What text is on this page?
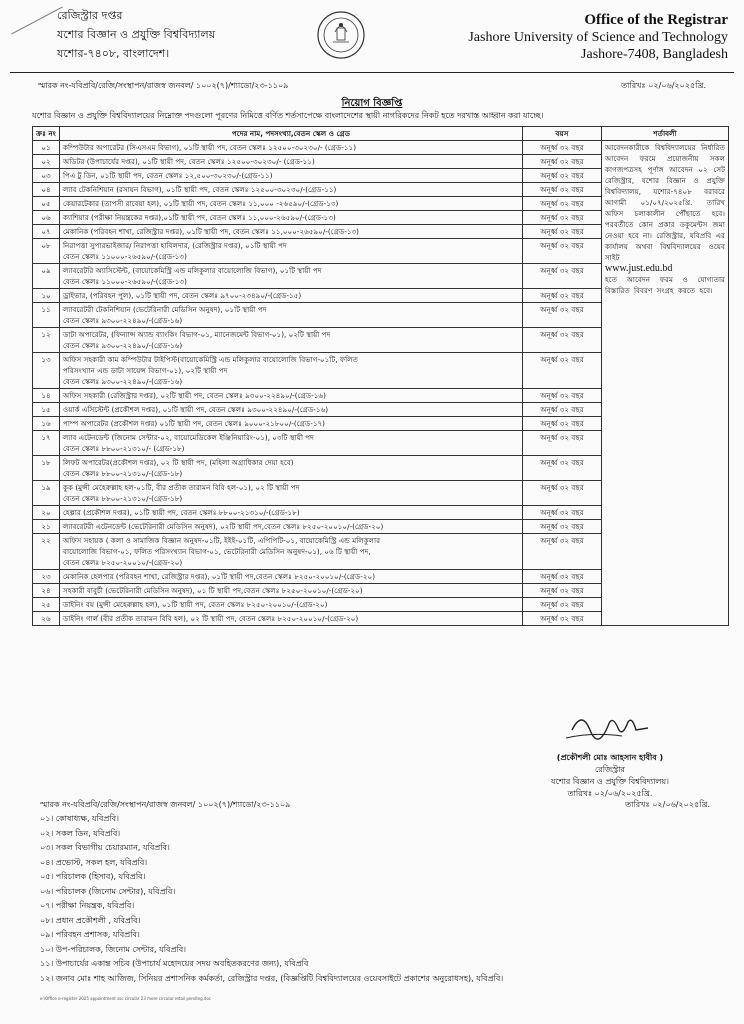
রেজিস্ট্রার দপ্তর
যশোর বিজ্ঞান ও প্রযুক্তি বিশ্ববিদ্যালয়
যশোর-৭৪০৮, বাংলাদেশ।
Office of the Registrar
Jashore University of Science and Technology
Jashore-7408, Bangladesh
স্মারক নং-যবিপ্রবি/রেজি/সংস্থাপন/রাজস্ব জনবল/ ১০০২(৭)/শ্যাডো/২৩-১১০৯	তারিখঃ ০২/০৬/২০২৫খ্রি.
নিয়োগ বিজ্ঞপ্তি
যশোর বিজ্ঞান ও প্রযুক্তি বিশ্ববিদ্যালয়ের নিম্নোক্ত পদগুলো পূরণের নিমিত্তে বর্ণিত শর্তসাপেক্ষে বাংলাদেশের স্থায়ী নাগরিকদের নিকট হতে দরখাস্ত আহ্বান করা যাচ্ছে।
ক্রঃ নং	পদের নাম, পদসংখ্যা,বেতন স্কেল ও গ্রেড	বয়স	শর্তাবলী
০১	কম্পিউটার অপারেটর (সিএসএম বিভাগ), ০১টি স্থায়ী পদ, বেতন স্কেলঃ ১২৫০০-৩০২৩০/- (গ্রেড-১১)	অনূর্ধ্ব ৩২ বছর	আবেদনকারীকে বিশ্ববিদ্যালয়ের নির্ধারিত আবেদন ফরমে প্রয়োজনীয় সকল কাগজপত্রসহ পূর্ণাঙ্গ আবেদন ০২ সেট রেজিস্ট্রার, যশোর বিজ্ঞান ও প্রযুক্তি বিশ্ববিদ্যালয়, যশোর-৭৪০৮ বরাবরে আগামী ০১/০৭/২০২৫খ্রি. তারিখ অফিস চলাকালীন পৌঁছাতে হবে। পরবর্তীতে কোন প্রকার ডকুমেন্টস জমা নেওয়া হবে না। রেজিস্ট্রার, যবিপ্রবি এর কার্যালয় অথবা বিশ্ববিদ্যালয়ের ওয়েব সাইট
www.just.edu.bd
হতে আবেদন ফরম ও যোগ্যতার বিস্তারিত বিবরণ সংগ্রহ করতে হবে।
০২	অডিটর (উপাচার্যের দপ্তর), ০১টি স্থায়ী পদ, বেতন স্কেলঃ ১২৫০০-৩০২৩০/- (গ্রেড-১১)	অনূর্ধ্ব ৩২ বছর	
০৩	পিএ টু ডিন, ০১টি স্থায়ী পদ, বেতন স্কেলঃ ১২,৫০০-৩০২৩০/-(গ্রেড-১১)	অনূর্ধ্ব ৩২ বছর	
০৪	ল্যাব টেকনিশিয়ান (রসায়ন বিভাগ), ০১টি স্থায়ী পদ, বেতন স্কেলঃ ১২৫০০-৩০২৩০/-(গ্রেড-১১)	অনূর্ধ্ব ৩২ বছর	
০৫	কেয়ারটেকার (তাপসী রাবেয়া হল), ০১টি স্থায়ী পদ, বেতন স্কেলঃ ১১,০০০ -২৬৫৯০/-(গ্রেড-১৩)	অনূর্ধ্ব ৩২ বছর	
০৬	ক্যাশিয়ার (পরীক্ষা নিয়ন্ত্রকের দপ্তর),০১টি স্থায়ী পদ, বেতন স্কেলঃ ১১,০০০-২৬৫৯০/-(গ্রেড-১৩)	অনূর্ধ্ব ৩২ বছর	
০৭	মেকানিক (পরিবহন শাখা, রেজিস্ট্রার দপ্তর), ০১টি স্থায়ী পদ, বেতন স্কেলঃ ১১,০০০-২৬৫৯০/-(গ্রেড-১৩)	অনূর্ধ্ব ৩২ বছর	
০৮	নিরাপত্তা সুপারভাইজার/ নিরাপত্তা হাবিলদার, (রেজিস্ট্রার দপ্তর), ০১টি স্থায়ী পদ
বেতন স্কেলঃ ১১০০০-২৬৫৯০/-(গ্রেড-১৩)	অনূর্ধ্ব ৩২ বছর	
০৯	ল্যাবরেটরি অ্যাসিস্টেন্ট, (বায়োকেমিস্ট্রি এন্ড মলিকুলার বায়োলোজি বিভাগ), ০১টি স্থায়ী পদ
বেতন স্কেলঃ ১১০০০-২৬৫৯০/-(গ্রেড-১৩)	অনূর্ধ্ব ৩২ বছর	
১০	ড্রাইভার, (পরিবহন পুল), ০১টি স্থায়ী পদ, বেতন স্কেলঃ ৯৭০০-২৩৪৯০/-(গ্রেড-১৫)	অনূর্ধ্ব ৩২ বছর	
১১	ল্যাবরেটরী টেকনিশিয়ান (ভেটেরিনারী মেডিসিন অনুষদ), ০১টি স্থায়ী পদ
বেতন স্কেলঃ ৯৩০০-২২৪৯০/-(গ্রেড-১৬)	অনূর্ধ্ব ৩২ বছর	
১২	ডাটা অপারেটর, (ফিন্যান্স অ্যান্ড ব্যাংকিং বিভাগ-০১, ম্যানেজমেন্ট বিভাগ-০১), ০২টি স্থায়ী পদ
বেতন স্কেলঃ ৯৩০০-২২৪৯০/-(গ্রেড-১৬)	অনূর্ধ্ব ৩২ বছর	
১৩	অফিস সহকারী কাম কম্পিউটার টাইপিস্ট(বায়োকেমিস্ট্রি এন্ড মলিকুলার বায়োলোজি বিভাগ-০১টি, ফলিত
পরিসংখ্যান এন্ড ডাটা সায়েন্স বিভাগ-০১), ০২টি স্থায়ী পদ
বেতন স্কেলঃ ৯৩০০-২২৪৯০/-(গ্রেড-১৬)	অনূর্ধ্ব ৩২ বছর	
১৪	অফিস সহকারী (রেজিস্ট্রার দপ্তর), ০২টি স্থায়ী পদ, বেতন স্কেলঃ ৯৩০০-২২৪৯০/-(গ্রেড-১৬)	অনূর্ধ্ব ৩২ বছর	
১৫	ওয়ার্ক এসিস্টেন্ট (প্রকৌশল দপ্তর), ০১টি স্থায়ী পদ, বেতন স্কেলঃ ৯৩০০-২২৪৯০/-(গ্রেড-১৬)	অনূর্ধ্ব ৩২ বছর	
১৬	পাম্প অপারেটর (প্রকৌশল দপ্তর) ০১টি স্থায়ী পদ, বেতন স্কেলঃ ৯০০০-২১৮০০/-(গ্রেড-১৭)	অনূর্ধ্ব ৩২ বছর	
১৭	ল্যাব এটেনডেন্ট (জিনোম সেন্টার-০২, বায়োমেডিকেল ইঞ্জিনিয়ারিং-০১), ০৩টি স্থায়ী পদ
বেতন স্কেলঃ ৮৮০০-২১৩১০/- (গ্রেড-১৮)	অনূর্ধ্ব ৩২ বছর	
১৮	লিফট অপারেটর(প্রকৌশল দপ্তর), ০২ টি স্থায়ী পদ, (মহিলা অগ্রাধিকার দেয়া হবে)
বেতন স্কেলঃ ৮৮০০-২১৩১০/-(গ্রেড-১৮)	অনূর্ধ্ব ৩২ বছর	
১৯	কুক (মুন্সী মেহেরুল্লাহ হল-০১টি, বীর প্রতীক তারামন বিবি হল-০১), ০২ টি স্থায়ী পদ
বেতন স্কেলঃ ৮৮০০-২১৩১০/-(গ্রেড-১৮)	অনূর্ধ্ব ৩২ বছর	
২০	হেল্পার (প্রকৌশল দপ্তর), ০১টি স্থায়ী পদ, বেতন স্কেলঃ ৮৮০০-২১৩১০/-(গ্রেড-১৮)	অনূর্ধ্ব ৩২ বছর	
২১	ল্যাবরেটরী এটেনডেন্ট (ভেটেরিনারী মেডিসিন অনুষদ), ০২টি স্থায়ী পদ,বেতন স্কেলঃ ৮২৫০-২০০১০/-(গ্রেড-২০)	অনূর্ধ্ব ৩২ বছর	
২২	অফিস সহায়ক ( কলা ও সামাজিক বিজ্ঞান অনুষদ-০১টি, ইইই-০১টি, এপিপিটি-০১, বায়োকেমিস্ট্রি এন্ড মলিকুলার
বায়োলোজি বিভাগ-০১, ফলিত পরিসংখ্যান বিভাগ-০১, ভেটেরিনারী মেডিসিন অনুষদ-০১), ০৬ টি স্থায়ী পদ,
বেতন স্কেলঃ ৮২৫০-২০০১০/-(গ্রেড-২০)	অনূর্ধ্ব ৩২ বছর	
২৩	মেকানিক হেলপার (পরিবহন শাখা, রেজিস্ট্রার দপ্তর), ০১টি স্থায়ী পদ,বেতন স্কেলঃ ৮২৫০-২০০১০/-(গ্রেড-২০)	অনূর্ধ্ব ৩২ বছর	
২৪	সহকারী বাবুর্চী (ভেটেরিনারী মেডিসিন অনুষদ), ০১ টি স্থায়ী পদ,বেতন স্কেলঃ ৮২৫০-২০০১০/-(গ্রেড-২০)	অনূর্ধ্ব ৩২ বছর	
২৫	ডাইনিং বয় (মুন্সী মেহেরুল্লাহ হল), ০১টি স্থায়ী পদ, বেতন স্কেলঃ ৮২৫০-২০০১০/-(গ্রেড-২০)	অনূর্ধ্ব ৩২ বছর	
২৬	ডাইনিং গার্ল (বীর প্রতীক তারামন বিবি হল), ০২ টি স্থায়ী পদ, বেতন স্কেলঃ ৮২৫০-২০০১০/-(গ্রেড-২০)	অনূর্ধ্ব ৩২ বছর	
(প্রকৌশলী মোঃ আহসান হাবীব )
রেজিস্ট্রার
যশোর বিজ্ঞান ও প্রযুক্তি বিশ্ববিদ্যালয়।
তারিখঃ ০২/০৬/২০২৫খ্রি.
স্মারক নং-যবিপ্রবি/রেজি/সংস্থাপন/রাজস্ব জনবল/ ১০০২(৭)/শ্যাডো/২৩-১১০৯	তারিখঃ ০২/০৬/২০২৫খ্রি.
০১। কোষাধ্যক্ষ, যবিপ্রবি।
০২। সকল ডিন, যবিপ্রবি।
০৩। সকল বিভাগীয় চেয়ারম্যান, যবিপ্রবি।
০৪। প্রভোস্ট, সকল হল, যবিপ্রবি।
০৫। পরিচালক (হিসাব), যবিপ্রবি।
০৬। পরিচালক (জিনোম সেন্টার), যবিপ্রবি।
০৭। পরীক্ষা নিয়ন্ত্রক, যবিপ্রবি।
০৮। প্রধান প্রকৌশলী , যবিপ্রবি।
০৯। পরিবহন প্রশাসক, যবিপ্রবি।
১০। উপ-পরিচালক, জিনোম সেন্টার, যবিপ্রবি।
১১। উপাচার্যের একান্ত সচিব (উপাচার্য মহোদয়ের সদয় অবহিতকরণের জন্য), যবিপ্রবি
১২। জনাব মোঃ শাহ আজিজ, সিনিয়র প্রশাসনিক কর্মকর্তা, রেজিস্ট্রার দপ্তর, (বিজ্ঞপ্তিটি বিশ্ববিদ্যালয়ের ওয়েবসাইটে প্রকাশের অনুরোধসহ), যবিপ্রবি।
e:\Office e-register 2025 appointment ssc circular 23 more circular retail pending.doc
